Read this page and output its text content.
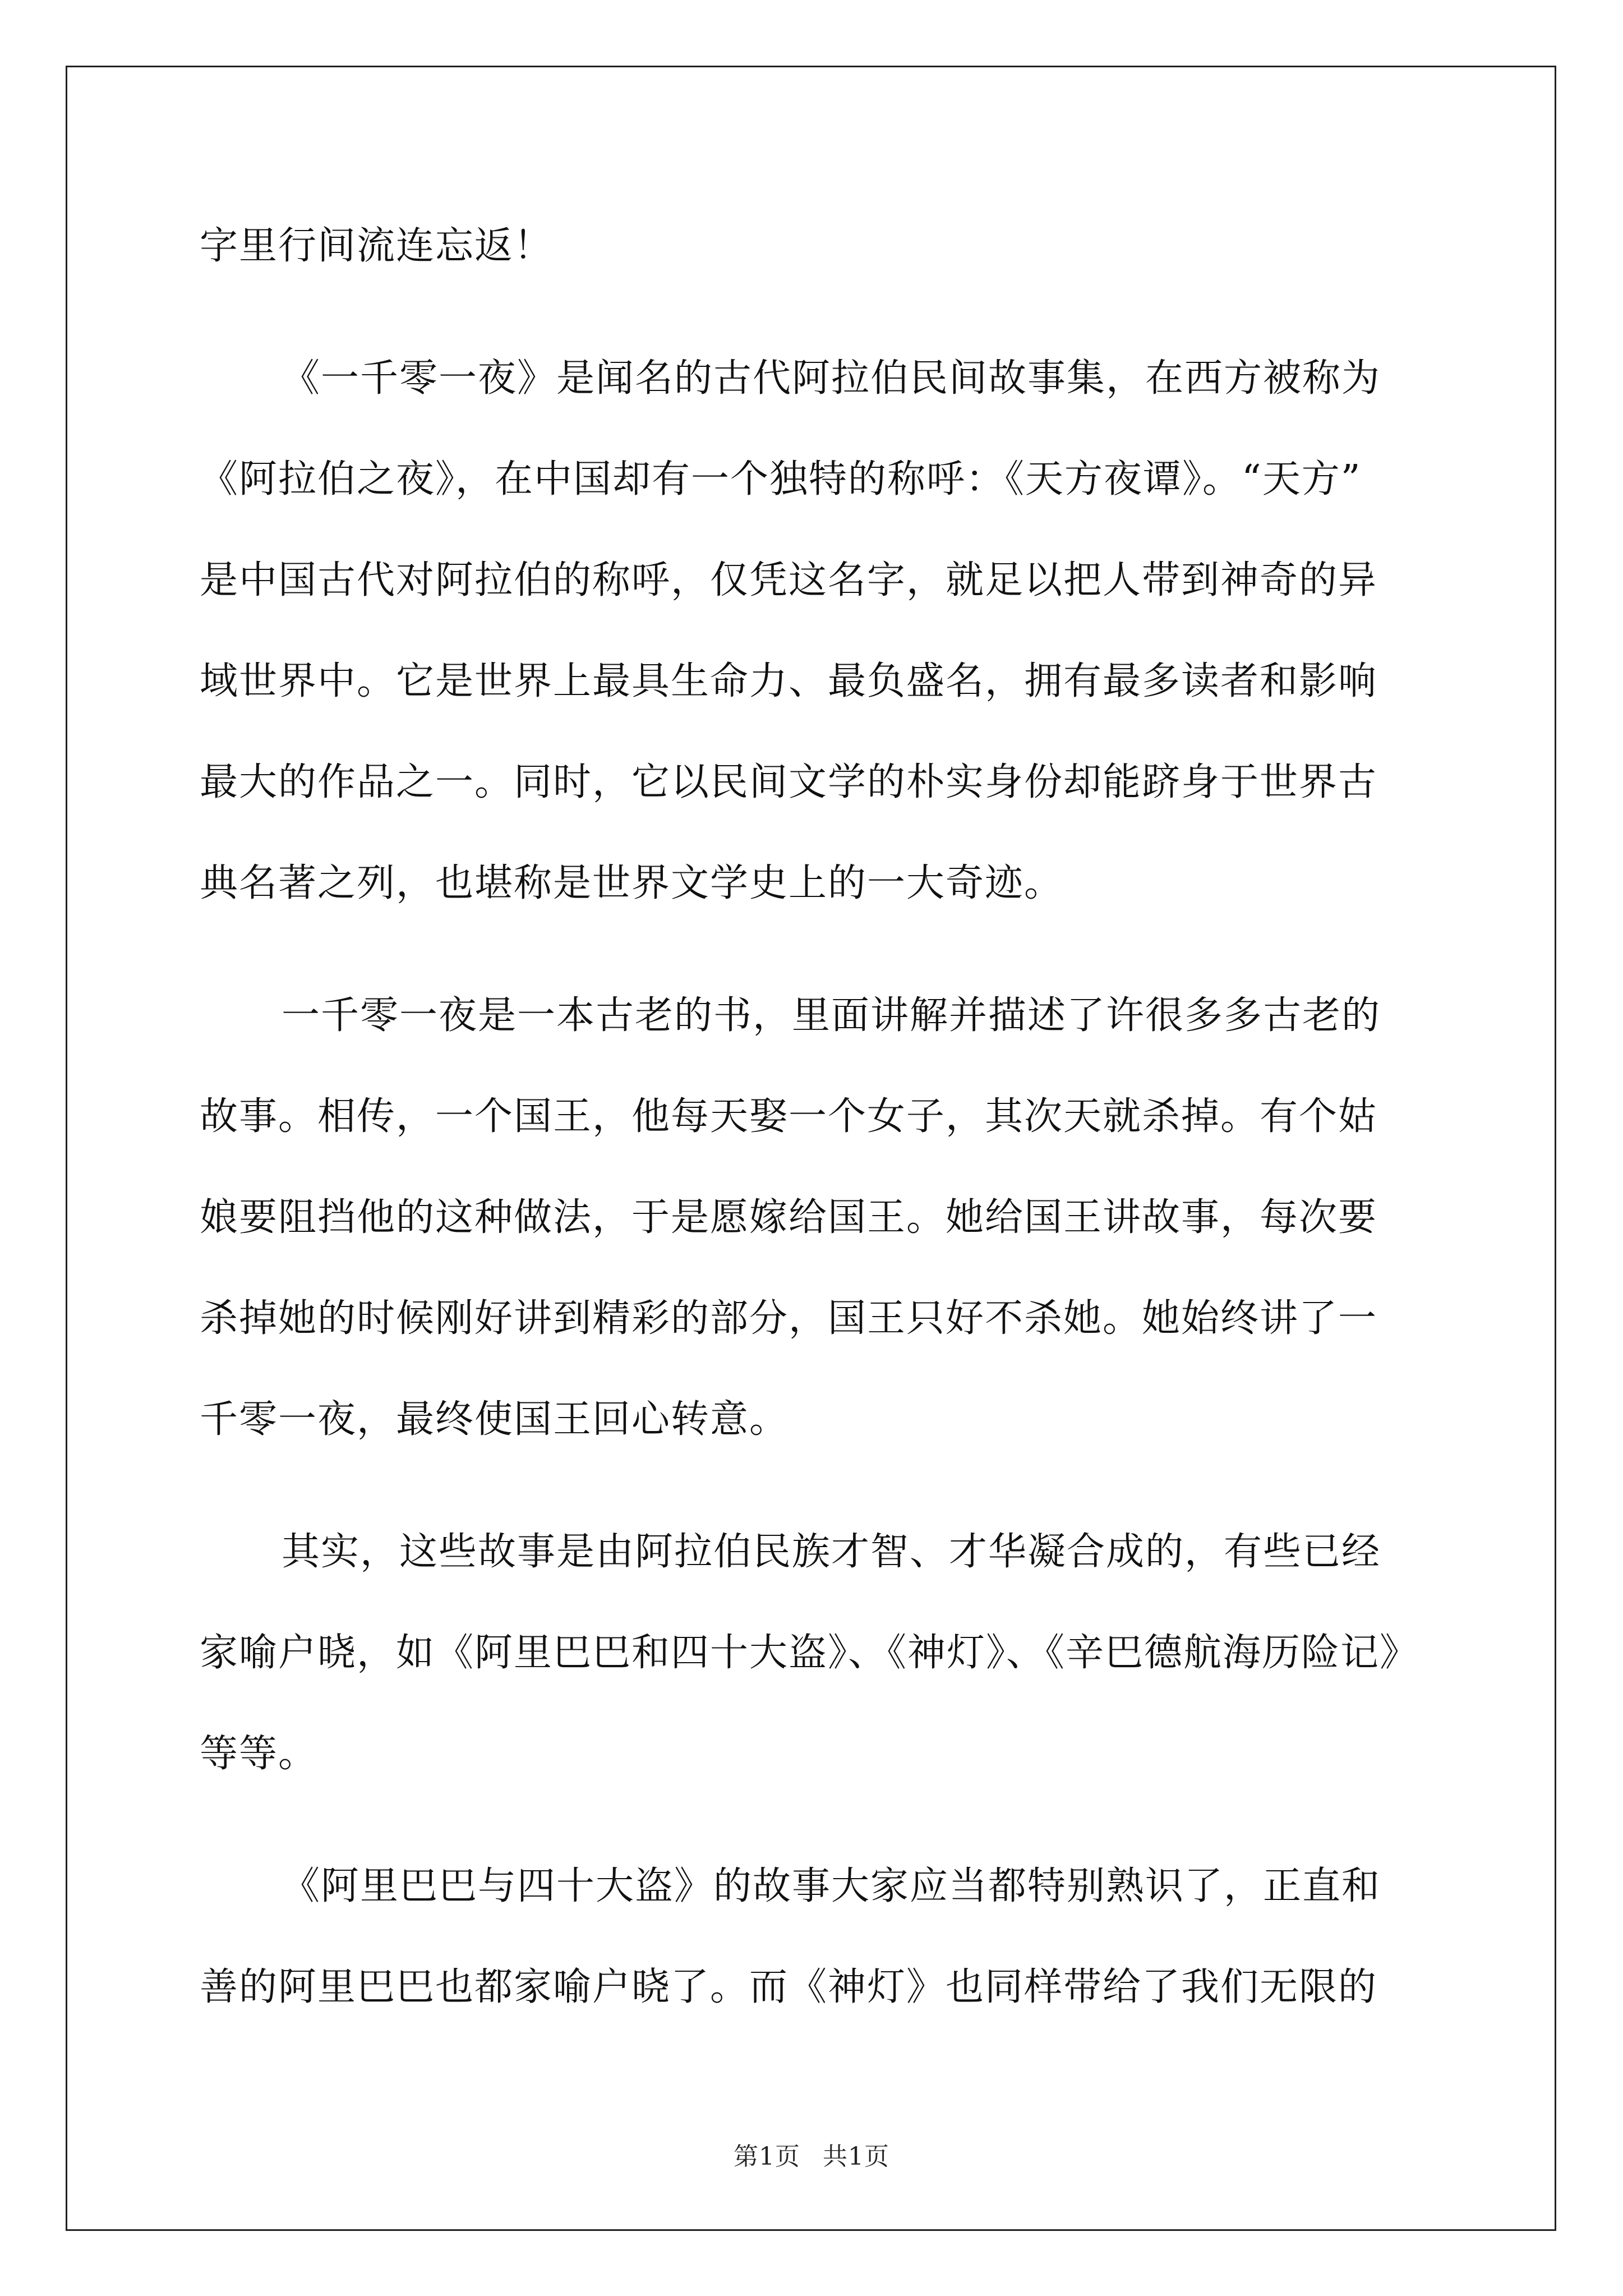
字里行间流连忘返！
《一千零一夜》是闻名的古代阿拉伯民间故事集，在西方被称为
《阿拉伯之夜》，在中国却有一个独特的称呼：《天方夜谭》。“天方”
是中国古代对阿拉伯的称呼，仅凭这名字，就足以把人带到神奇的异
域世界中。它是世界上最具生命力、最负盛名，拥有最多读者和影响
最大的作品之一。同时，它以民间文学的朴实身份却能跻身于世界古
典名著之列，也堪称是世界文学史上的一大奇迹。
一千零一夜是一本古老的书，里面讲解并描述了许很多多古老的
故事。相传，一个国王，他每天娶一个女子，其次天就杀掉。有个姑
娘要阻挡他的这种做法，于是愿嫁给国王。她给国王讲故事，每次要
杀掉她的时候刚好讲到精彩的部分，国王只好不杀她。她始终讲了一
千零一夜，最终使国王回心转意。
其实，这些故事是由阿拉伯民族才智、才华凝合成的，有些已经
家喻户晓，如《阿里巴巴和四十大盗》、《神灯》、《辛巴德航海历险记》
等等。
《阿里巴巴与四十大盗》的故事大家应当都特别熟识了，正直和
善的阿里巴巴也都家喻户晓了。而《神灯》也同样带给了我们无限的
第1页 共1页
